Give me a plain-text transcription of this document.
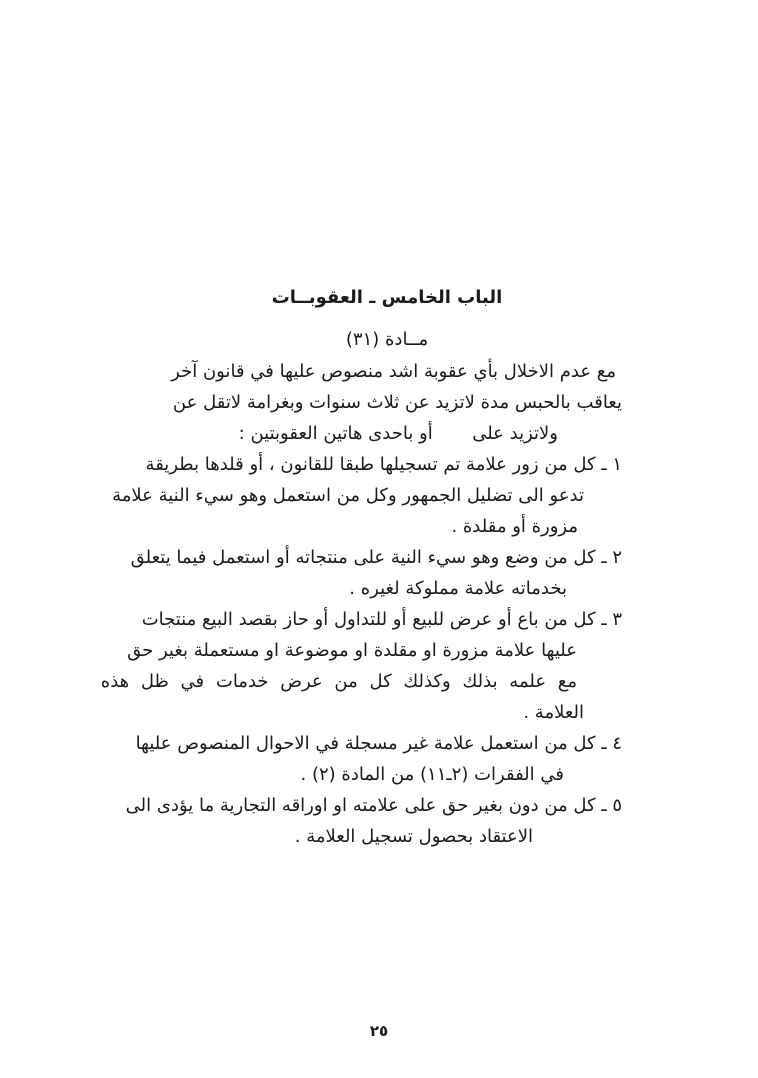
الباب الخامس ـ العقوبــات
مــادة (٣١)
مع عدم الاخلال بأي عقوبة اشد منصوص عليها في قانون آخر
يعاقب بالحبس مدة لاتزيد عن ثلاث سنوات وبغرامة لاتقل عن
ولاتزيد على  أو باحدى هاتين العقوبتين :
١ ـ كل من زور علامة تم تسجيلها طبقا للقانون ، أو قلدها بطريقة
تدعو الى تضليل الجمهور وكل من استعمل وهو سيء النية علامة
مزورة أو مقلدة .
٢ ـ كل من وضع وهو سيء النية على منتجاته أو استعمل فيما يتعلق
بخدماته علامة مملوكة لغيره .
٣ ـ كل من باع أو عرض للبيع أو للتداول أو حاز بقصد البيع منتجات
عليها علامة مزورة او مقلدة او موضوعة او مستعملة بغير حق
مع علمه بذلك وكذلك كل من عرض خدمات في ظل هذه
العلامة .
٤ ـ كل من استعمل علامة غير مسجلة في الاحوال المنصوص عليها
في الفقرات (٢ـ١١) من المادة (٢) .
٥ ـ كل من دون بغير حق على علامته او اوراقه التجارية ما يؤدى الى
الاعتقاد بحصول تسجيل العلامة .
٢٥
